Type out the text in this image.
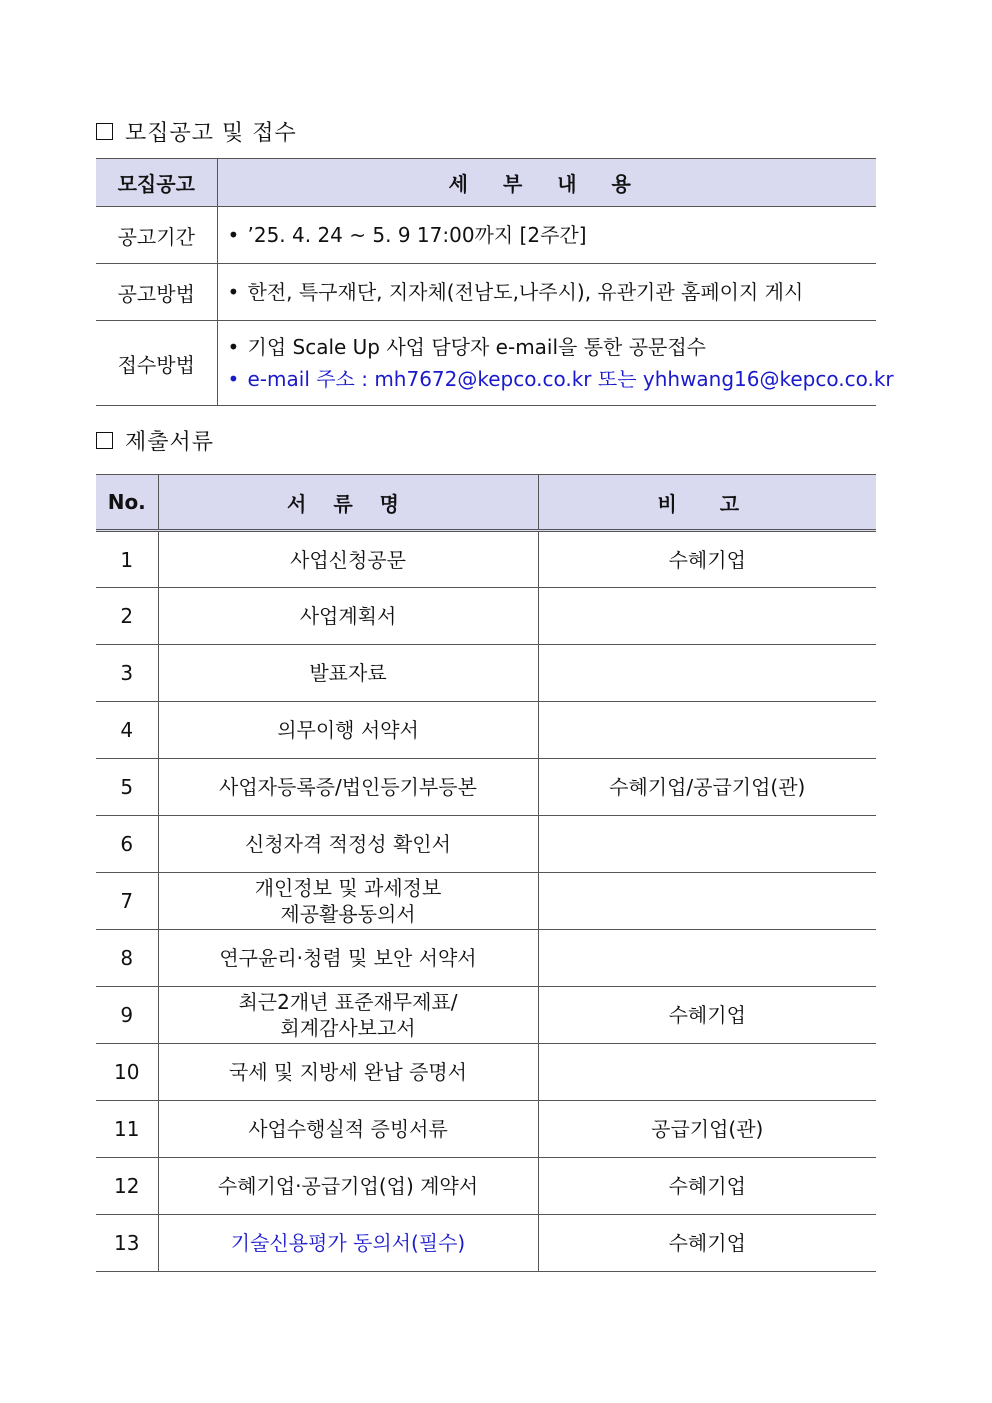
모집공고 및 접수
모집공고	세 부 내 용
공고기간	• ’25. 4. 24 ~ 5. 9 17:00까지 [2주간]

공고방법	• 한전, 특구재단, 지자체(전남도,나주시), 유관기관 홈페이지 게시

접수방법	• 기업 Scale Up 사업 담당자 e-mail을 통한 공문접수
• e-mail 주소 : mh7672@kepco.co.kr 또는 yhhwang16@kepco.co.kr
제출서류
No.	서 류 명	비 고
1	사업신청공문	수혜기업
2	사업계획서	
3	발표자료	
4	의무이행 서약서	
5	사업자등록증/법인등기부등본	수혜기업/공급기업(관)
6	신청자격 적정성 확인서	
7	개인정보 및 과세정보
제공활용동의서	

8	연구윤리·청렴 및 보안 서약서	
9	최근2개년 표준재무제표/
회계감사보고서	수혜기업
10	국세 및 지방세 완납 증명서	
11	사업수행실적 증빙서류	공급기업(관)
12	수혜기업·공급기업(업) 계약서	수혜기업
13	기술신용평가 동의서(필수)	수혜기업
